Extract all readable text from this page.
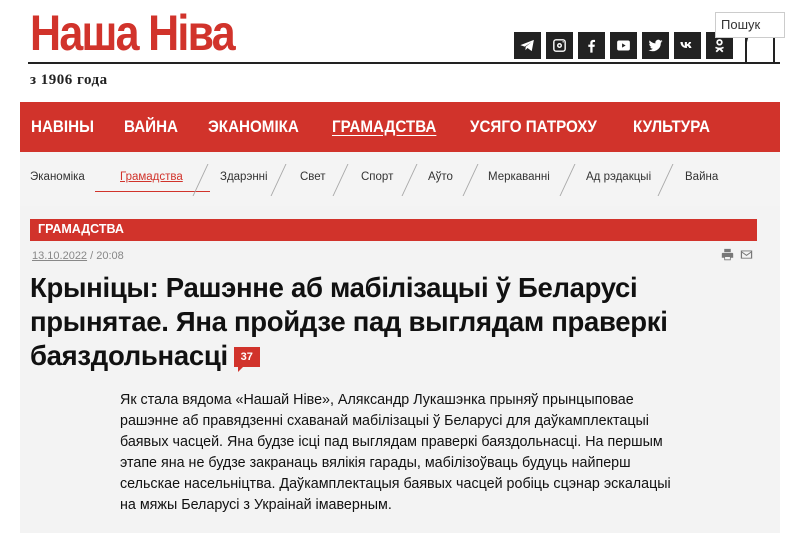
Наша Ніва
з 1906 года
НАВІНЫ ВАЙНА ЭКАНОМІКА ГРАМАДСТВА УСЯГО ПАТРОХУ КУЛЬТУРА
Пошук
Эканоміка	Грамадства	Здарэнні	Свет	Спорт	Аўто	Меркаванні	Ад рэдакцыі	Вайна
ГРАМАДСТВА
13.10.2022 / 20:08
Крыніцы: Рашэнне аб мабілізацыі ў Беларусі прынятае. Яна пройдзе пад выглядам праверкі баяздольнасці 37

Як стала вядома «Нашай Ніве», Аляксандр Лукашэнка прыняў прынцыповае рашэнне аб правядзенні схаванай мабілізацыі ў Беларусі для даўкамплектацыі баявых часцей. Яна будзе ісці пад выглядам праверкі баяздольнасці. На першым этапе яна не будзе закранаць вялікія гарады, мабілізоўваць будуць найперш сельскае насельніцтва. Даўкамплектацыя баявых часцей робіць сцэнар эскалацыі на мяжы Беларусі з Украінай імаверным.
